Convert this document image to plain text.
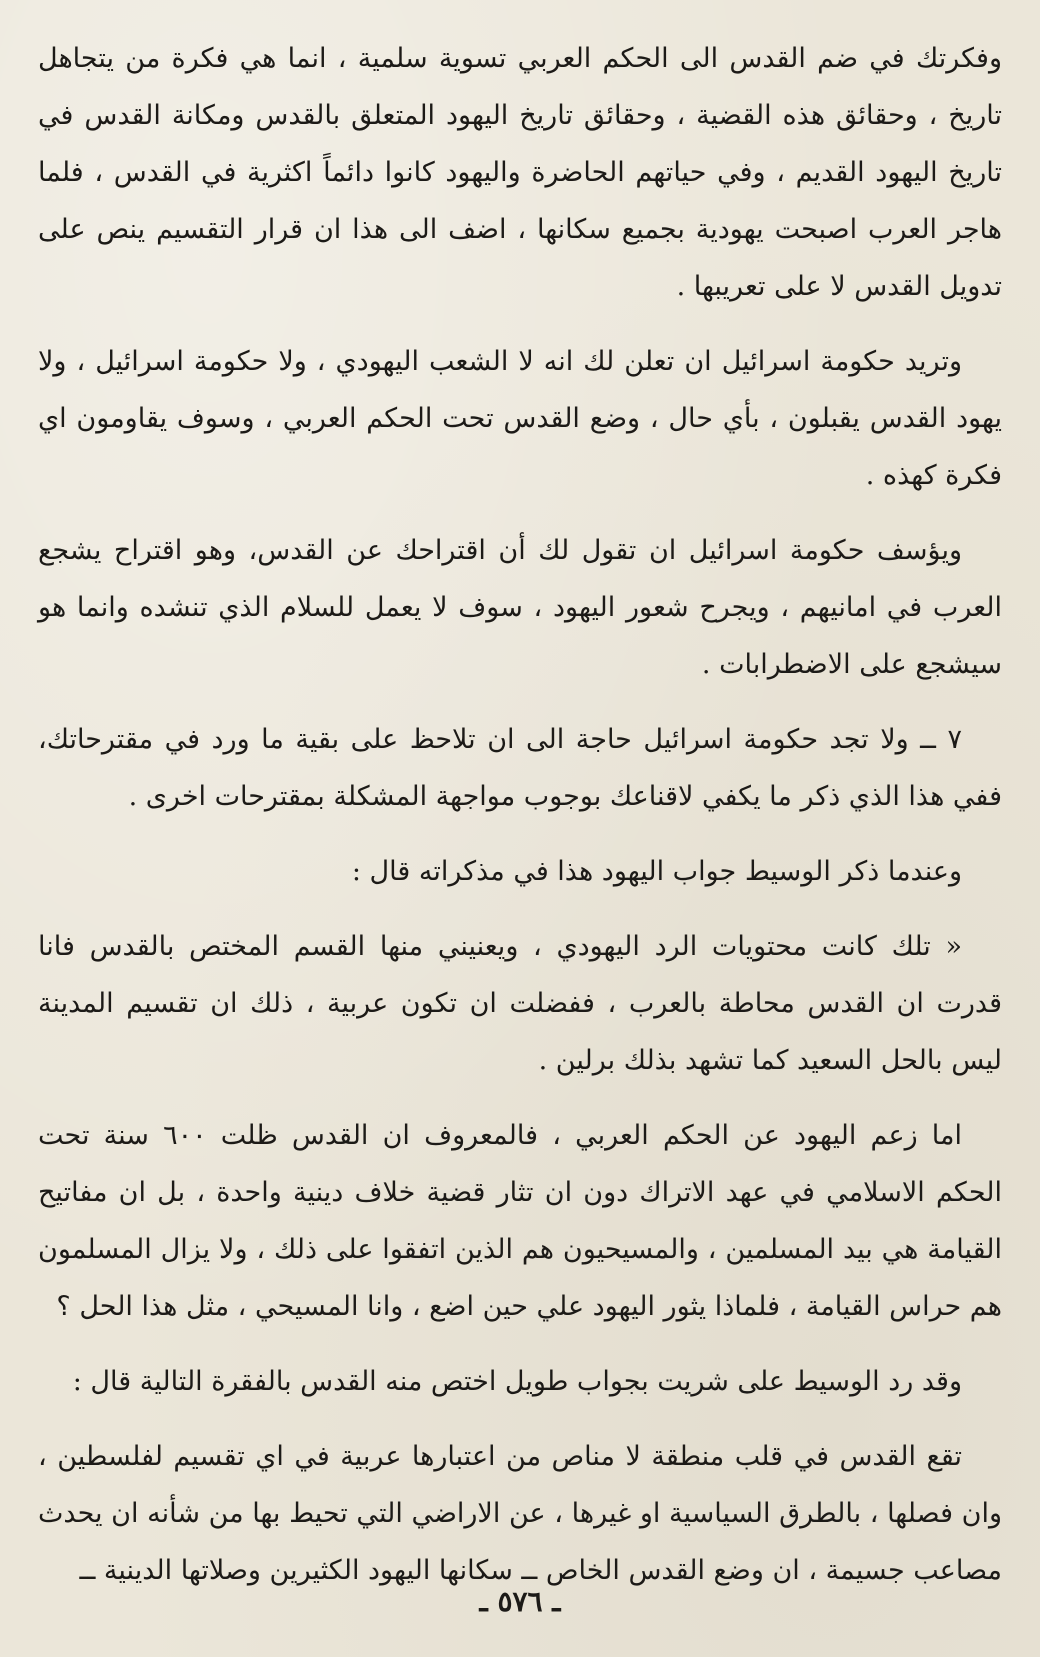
وفكرتك في ضم القدس الى الحكم العربي تسوية سلمية ، انما هي فكرة من يتجاهل تاريخ ، وحقائق هذه القضية ، وحقائق تاريخ اليهود المتعلق بالقدس ومكانة القدس في تاريخ اليهود القديم ، وفي حياتهم الحاضرة واليهود كانوا دائماً اكثرية في القدس ، فلما هاجر العرب اصبحت يهودية بجميع سكانها ، اضف الى هذا ان قرار التقسيم ينص على تدويل القدس لا على تعريبها .

وتريد حكومة اسرائيل ان تعلن لك انه لا الشعب اليهودي ، ولا حكومة اسرائيل ، ولا يهود القدس يقبلون ، بأي حال ، وضع القدس تحت الحكم العربي ، وسوف يقاومون اي فكرة كهذه .

ويؤسف حكومة اسرائيل ان تقول لك أن اقتراحك عن القدس، وهو اقتراح يشجع العرب في امانيهم ، ويجرح شعور اليهود ، سوف لا يعمل للسلام الذي تنشده وانما هو سيشجع على الاضطرابات .

٧ ــ ولا تجد حكومة اسرائيل حاجة الى ان تلاحظ على بقية ما ورد في مقترحاتك، ففي هذا الذي ذكر ما يكفي لاقناعك بوجوب مواجهة المشكلة بمقترحات اخرى .

وعندما ذكر الوسيط جواب اليهود هذا في مذكراته قال :

« تلك كانت محتويات الرد اليهودي ، ويعنيني منها القسم المختص بالقدس فانا قدرت ان القدس محاطة بالعرب ، ففضلت ان تكون عربية ، ذلك ان تقسيم المدينة ليس بالحل السعيد كما تشهد بذلك برلين .

اما زعم اليهود عن الحكم العربي ، فالمعروف ان القدس ظلت ٦٠٠ سنة تحت الحكم الاسلامي في عهد الاتراك دون ان تثار قضية خلاف دينية واحدة ، بل ان مفاتيح القيامة هي بيد المسلمين ، والمسيحيون هم الذين اتفقوا على ذلك ، ولا يزال المسلمون هم حراس القيامة ، فلماذا يثور اليهود علي حين اضع ، وانا المسيحي ، مثل هذا الحل ؟

وقد رد الوسيط على شريت بجواب طويل اختص منه القدس بالفقرة التالية قال :

تقع القدس في قلب منطقة لا مناص من اعتبارها عربية في اي تقسيم لفلسطين ، وان فصلها ، بالطرق السياسية او غيرها ، عن الاراضي التي تحيط بها من شأنه ان يحدث مصاعب جسيمة ، ان وضع القدس الخاص ــ سكانها اليهود الكثيرين وصلاتها الدينية ــ

ـ ٥٧٦ ـ
